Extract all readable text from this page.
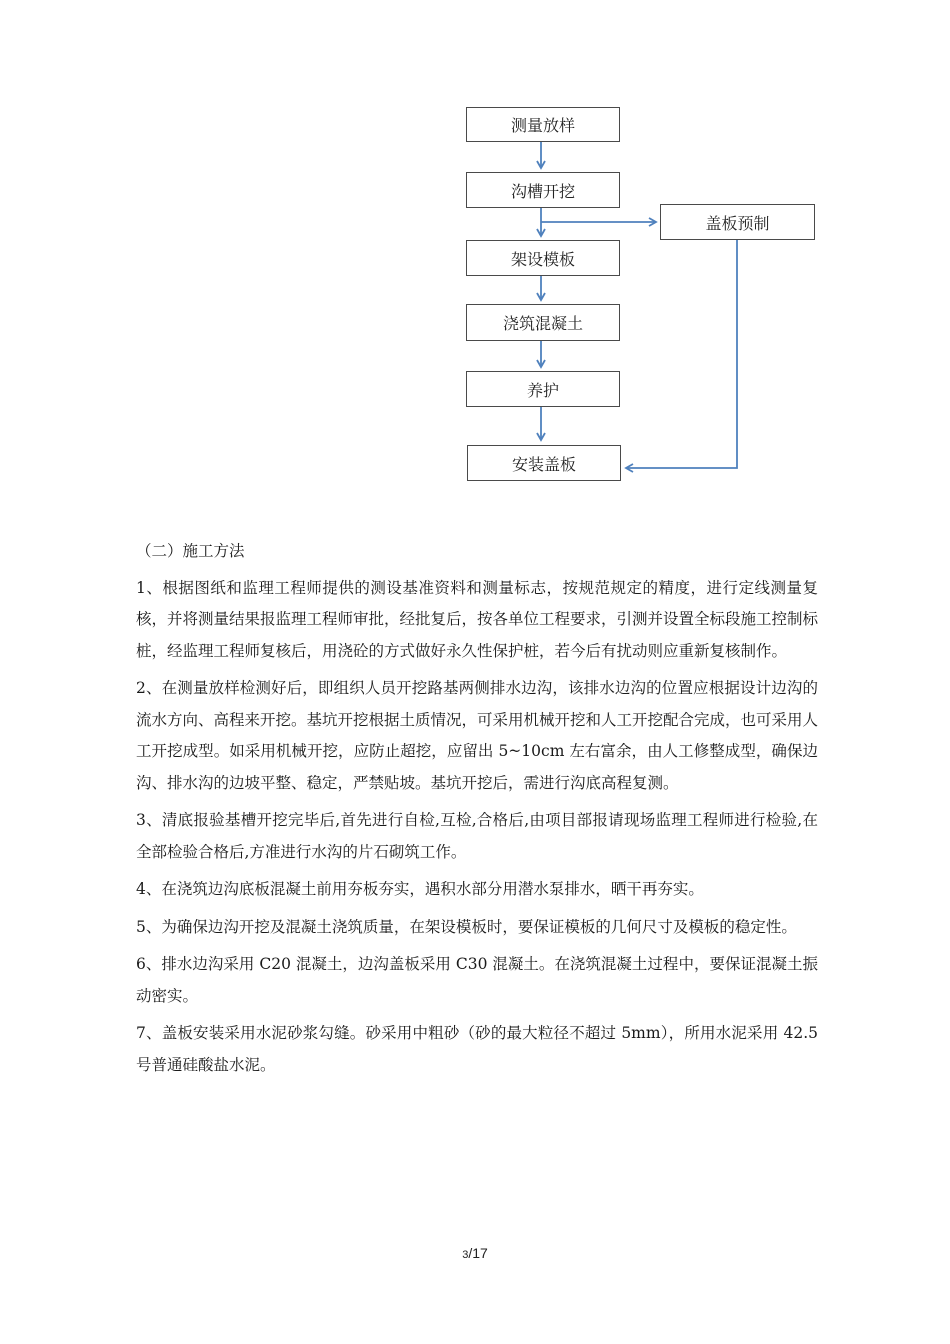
测量放样
沟槽开挖
架设模板
浇筑混凝土
养护
安装盖板
盖板预制

（二）施工方法

1、根据图纸和监理工程师提供的测设基准资料和测量标志，按规范规定的精度，进行定线测量复核，并将测量结果报监理工程师审批，经批复后，按各单位工程要求，引测并设置全标段施工控制标桩，经监理工程师复核后，用浇砼的方式做好永久性保护桩，若今后有扰动则应重新复核制作。

2、在测量放样检测好后，即组织人员开挖路基两侧排水边沟，该排水边沟的位置应根据设计边沟的流水方向、高程来开挖。基坑开挖根据土质情况，可采用机械开挖和人工开挖配合完成，也可采用人工开挖成型。如采用机械开挖，应防止超挖，应留出 5~10cm 左右富余，由人工修整成型，确保边沟、排水沟的边坡平整、稳定，严禁贴坡。基坑开挖后，需进行沟底高程复测。

3、清底报验基槽开挖完毕后,首先进行自检,互检,合格后,由项目部报请现场监理工程师进行检验,在全部检验合格后,方准进行水沟的片石砌筑工作。

4、在浇筑边沟底板混凝土前用夯板夯实，遇积水部分用潜水泵排水，晒干再夯实。

5、为确保边沟开挖及混凝土浇筑质量，在架设模板时，要保证模板的几何尺寸及模板的稳定性。

6、排水边沟采用 C20 混凝土，边沟盖板采用 C30 混凝土。在浇筑混凝土过程中，要保证混凝土振动密实。

7、盖板安装采用水泥砂浆勾缝。砂采用中粗砂（砂的最大粒径不超过 5mm），所用水泥采用 42.5 号普通硅酸盐水泥。

3/17
